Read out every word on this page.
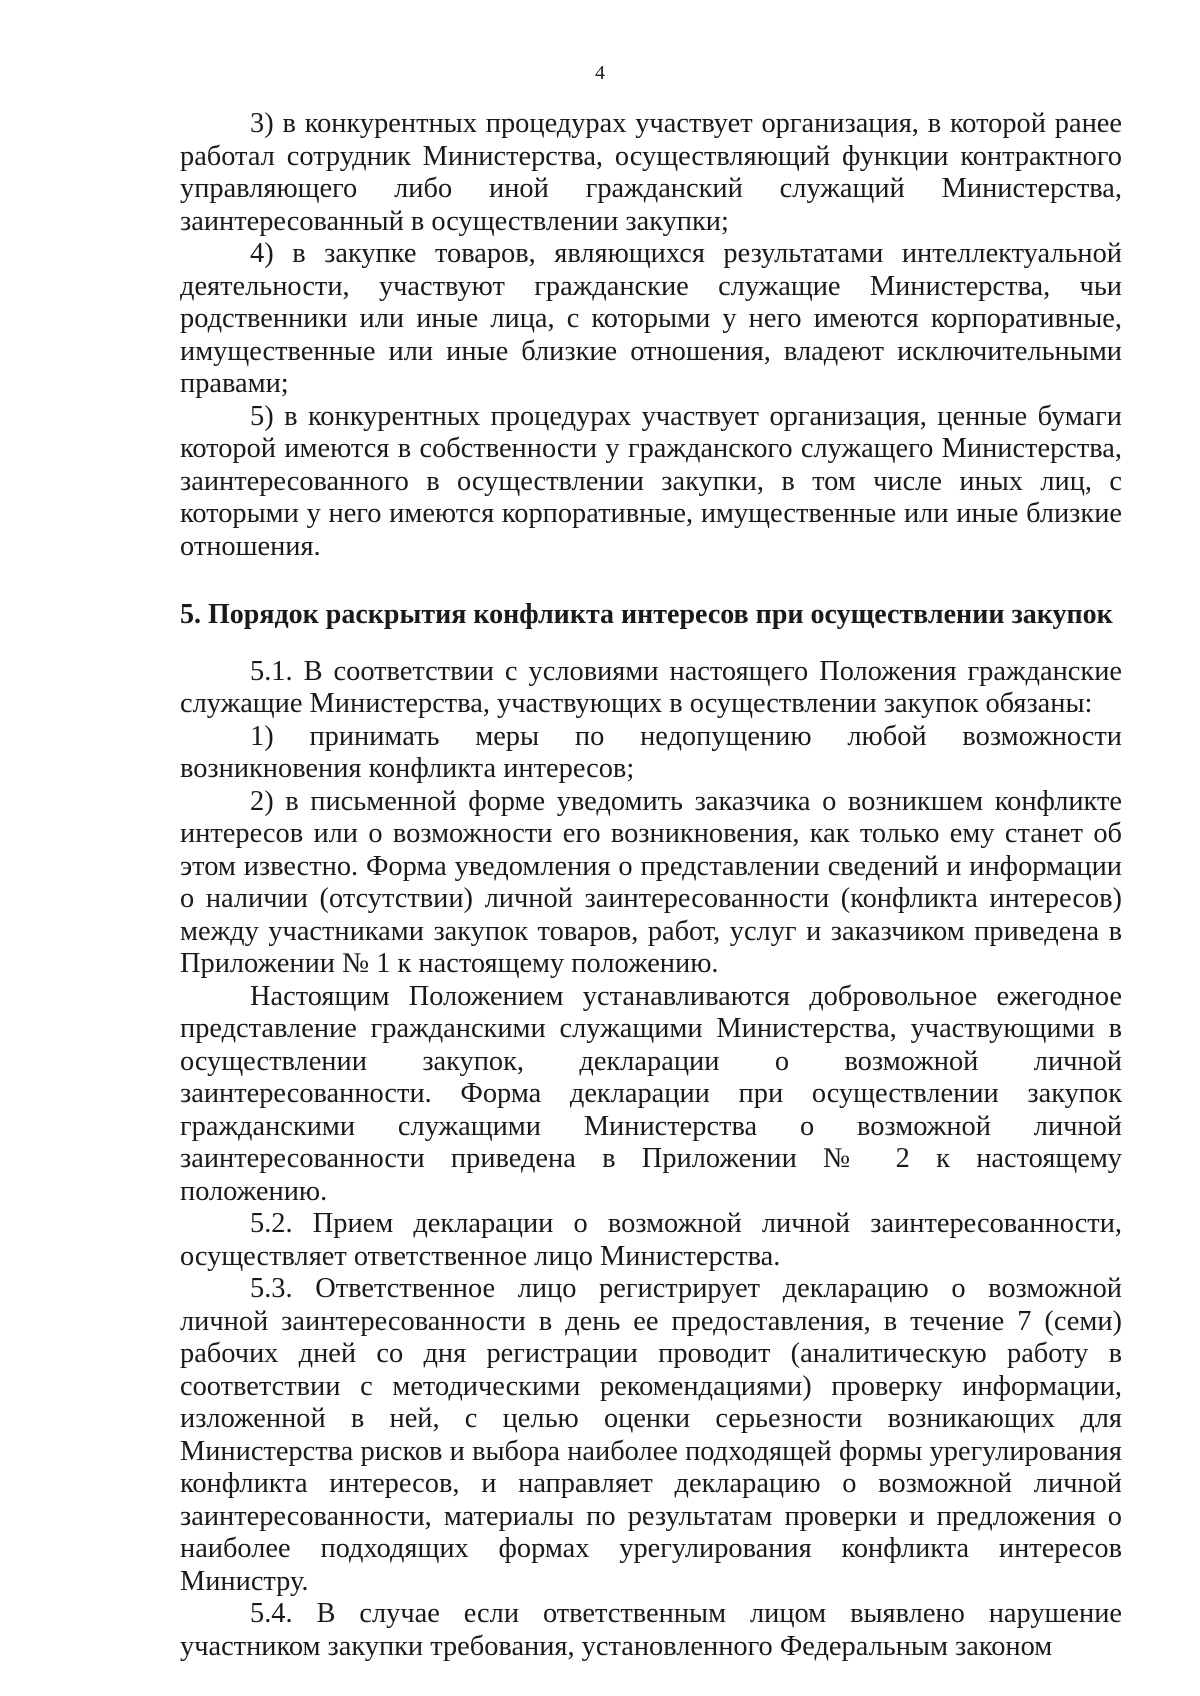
4

3) в конкурентных процедурах участвует организация, в которой ранее работал сотрудник Министерства, осуществляющий функции контрактного управляющего либо иной гражданский служащий Министерства, заинтересованный в осуществлении закупки;

4) в закупке товаров, являющихся результатами интеллектуальной деятельности, участвуют гражданские служащие Министерства, чьи родственники или иные лица, с которыми у него имеются корпоративные, имущественные или иные близкие отношения, владеют исключительными правами;

5) в конкурентных процедурах участвует организация, ценные бумаги которой имеются в собственности у гражданского служащего Министерства, заинтересованного в осуществлении закупки, в том числе иных лиц, с которыми у него имеются корпоративные, имущественные или иные близкие отношения.

5. Порядок раскрытия конфликта интересов при осуществлении закупок

5.1. В соответствии с условиями настоящего Положения гражданские служащие Министерства, участвующих в осуществлении закупок обязаны:

1) принимать меры по недопущению любой возможности возникновения конфликта интересов;

2) в письменной форме уведомить заказчика о возникшем конфликте интересов или о возможности его возникновения, как только ему станет об этом известно. Форма уведомления о представлении сведений и информации о наличии (отсутствии) личной заинтересованности (конфликта интересов) между участниками закупок товаров, работ, услуг и заказчиком приведена в Приложении № 1 к настоящему положению.

Настоящим Положением устанавливаются добровольное ежегодное представление гражданскими служащими Министерства, участвующими в осуществлении закупок, декларации о возможной личной заинтересованности. Форма декларации при осуществлении закупок гражданскими служащими Министерства о возможной личной заинтересованности приведена в Приложении № 2 к настоящему положению.

5.2. Прием декларации о возможной личной заинтересованности, осуществляет ответственное лицо Министерства.

5.3. Ответственное лицо регистрирует декларацию о возможной личной заинтересованности в день ее предоставления, в течение 7 (семи) рабочих дней со дня регистрации проводит (аналитическую работу в соответствии с методическими рекомендациями) проверку информации, изложенной в ней, с целью оценки серьезности возникающих для Министерства рисков и выбора наиболее подходящей формы урегулирования конфликта интересов, и направляет декларацию о возможной личной заинтересованности, материалы по результатам проверки и предложения о наиболее подходящих формах урегулирования конфликта интересов Министру.

5.4. В случае если ответственным лицом выявлено нарушение участником закупки требования, установленного Федеральным законом
